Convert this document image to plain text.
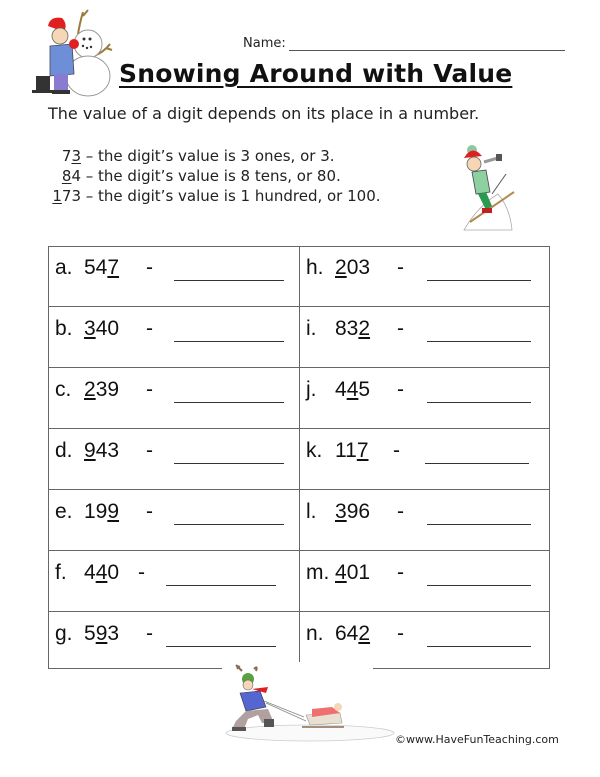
Name:
Snowing Around with Value
The value of a digit depends on its place in a number.
73 – the digit’s value is 3 ones, or 3.
84 – the digit’s value is 8 tens, or 80.
173 – the digit’s value is 1 hundred, or 100.
a. 547 -
b. 340 -
c. 239 -
d. 943 -
e. 199 -
f. 440 -
g. 593 -
h. 203 -
i. 832 -
j. 445 -
k. 117 -
l. 396 -
m. 401 -
n. 642 -
©www.HaveFunTeaching.com
